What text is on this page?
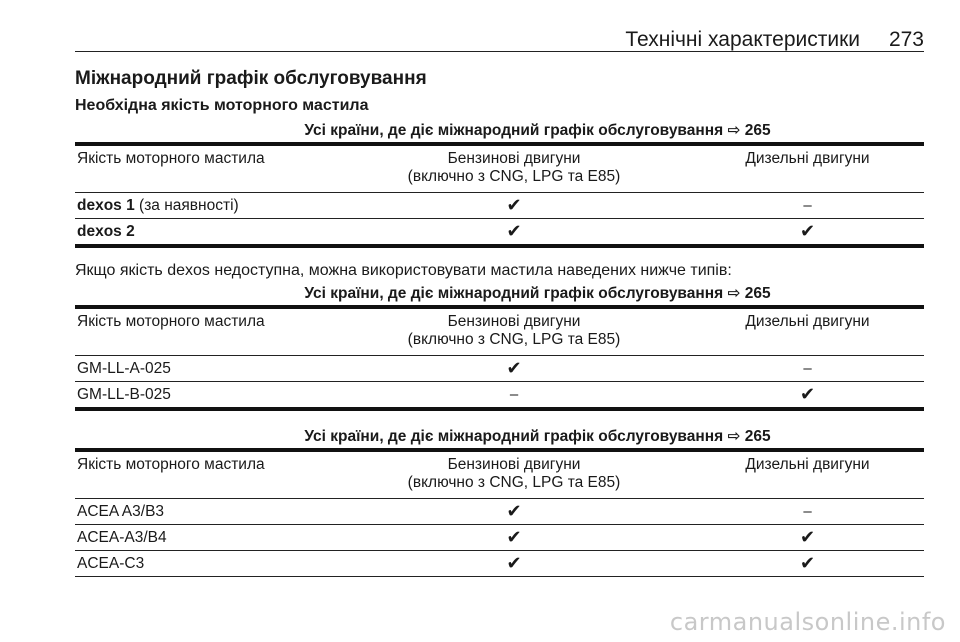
Технічні характеристики 273
Міжнародний графік обслуговування
Необхідна якість моторного мастила
Усі країни, де діє міжнародний графік обслуговування ⇨ 265		
Якість моторного мастила	Бензинові двигуни	Дизельні двигуни
	(включно з CNG, LPG та E85)	
dexos 1 (за наявності)	✔	–
dexos 2	✔	✔
Якщо якість dexos недоступна, можна використовувати мастила наведених нижче типів:
Усі країни, де діє міжнародний графік обслуговування ⇨ 265		
Якість моторного мастила	Бензинові двигуни	Дизельні двигуни
	(включно з CNG, LPG та E85)	
GM-LL-A-025	✔	–
GM-LL-B-025	–	✔
Усі країни, де діє міжнародний графік обслуговування ⇨ 265		
Якість моторного мастила	Бензинові двигуни	Дизельні двигуни
	(включно з CNG, LPG та E85)	
ACEA A3/B3	✔	–
ACEA-A3/B4	✔	✔
ACEA-C3	✔	✔
carmanualsonline.info
